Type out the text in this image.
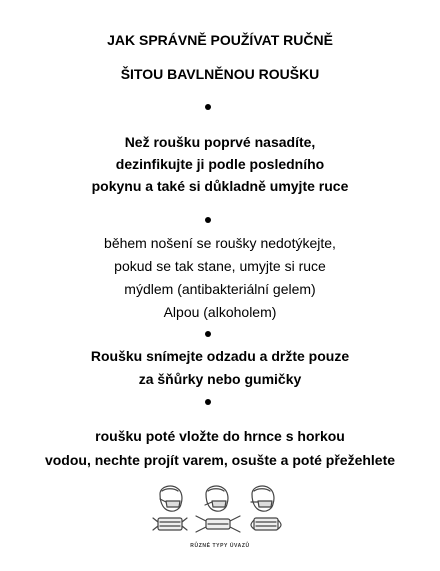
JAK SPRÁVNĚ POUŽÍVAT RUČNĚ
ŠITOU BAVLNĚNOU ROUŠKU
Než roušku poprvé nasadíte,
dezinfikujte ji podle posledního
pokynu a také si důkladně umyjte ruce
během nošení se roušky nedotýkejte,
pokud se tak stane, umyjte si ruce
mýdlem (antibakteriální gelem)
Alpou (alkoholem)
Roušku snímejte odzadu a držte pouze
za šňůrky nebo gumičky
roušku poté vložte do hrnce s horkou
vodou, nechte projít varem, osušte a poté přežehlete
RŮZNÉ TYPY ÚVAZŮ
